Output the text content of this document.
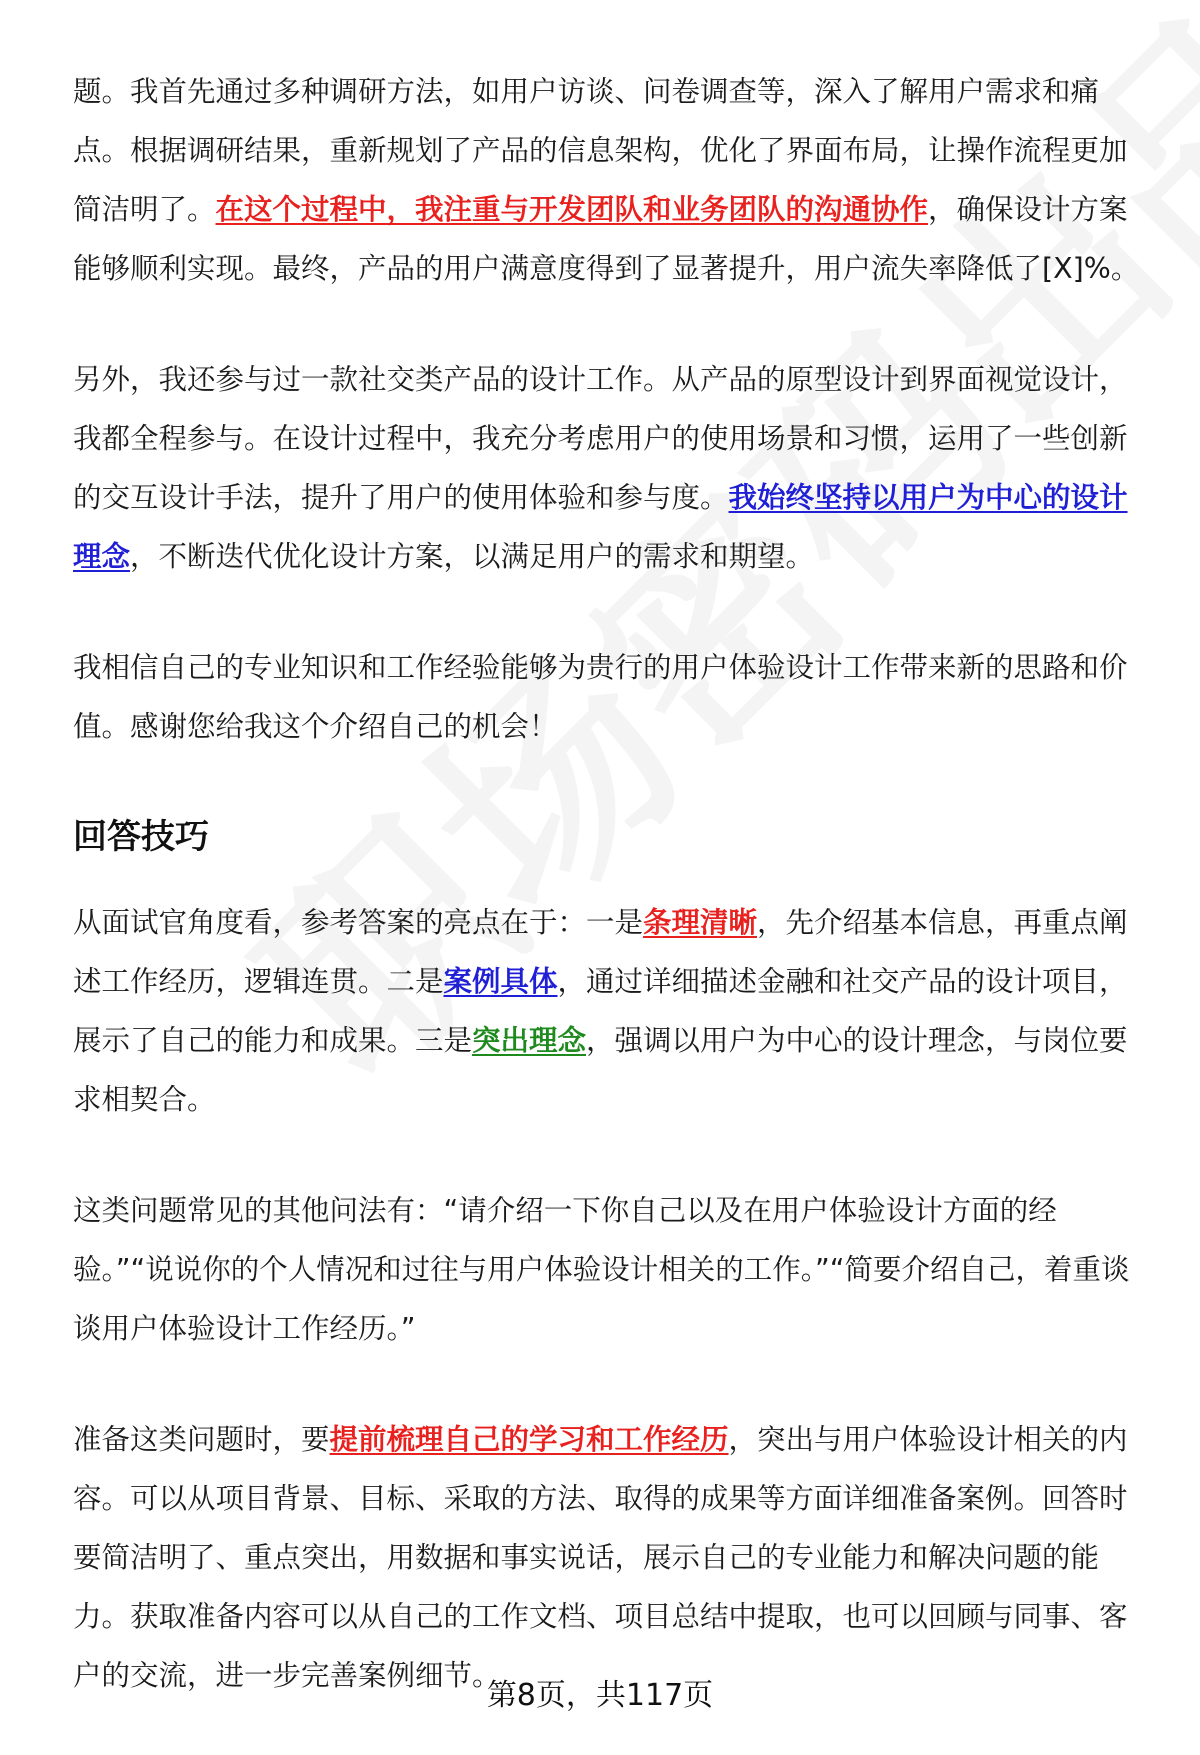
题。我首先通过多种调研方法，如用户访谈、问卷调查等，深入了解用户需求和痛点。根据调研结果，重新规划了产品的信息架构，优化了界面布局，让操作流程更加简洁明了。在这个过程中，我注重与开发团队和业务团队的沟通协作，确保设计方案能够顺利实现。最终，产品的用户满意度得到了显著提升，用户流失率降低了[X]%。

另外，我还参与过一款社交类产品的设计工作。从产品的原型设计到界面视觉设计，我都全程参与。在设计过程中，我充分考虑用户的使用场景和习惯，运用了一些创新的交互设计手法，提升了用户的使用体验和参与度。我始终坚持以用户为中心的设计理念，不断迭代优化设计方案，以满足用户的需求和期望。

我相信自己的专业知识和工作经验能够为贵行的用户体验设计工作带来新的思路和价值。感谢您给我这个介绍自己的机会！

回答技巧

从面试官角度看，参考答案的亮点在于：一是条理清晰，先介绍基本信息，再重点阐述工作经历，逻辑连贯。二是案例具体，通过详细描述金融和社交产品的设计项目，展示了自己的能力和成果。三是突出理念，强调以用户为中心的设计理念，与岗位要求相契合。

这类问题常见的其他问法有：“请介绍一下你自己以及在用户体验设计方面的经验。”“说说你的个人情况和过往与用户体验设计相关的工作。”“简要介绍自己，着重谈谈用户体验设计工作经历。”

准备这类问题时，要提前梳理自己的学习和工作经历，突出与用户体验设计相关的内容。可以从项目背景、目标、采取的方法、取得的成果等方面详细准备案例。回答时要简洁明了、重点突出，用数据和事实说话，展示自己的专业能力和解决问题的能力。获取准备内容可以从自己的工作文档、项目总结中提取，也可以回顾与同事、客户的交流，进一步完善案例细节。

第8页，共117页
